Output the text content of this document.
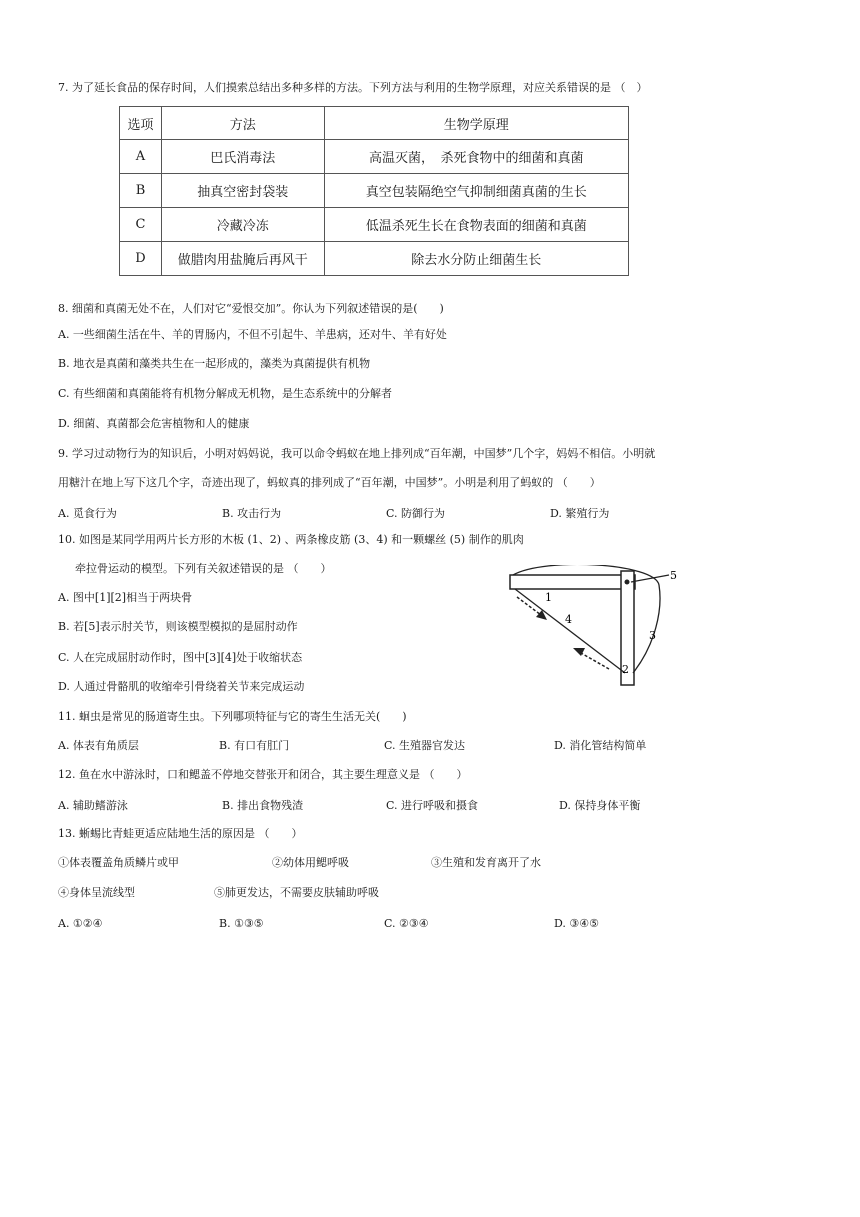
7. 为了延长食品的保存时间，人们摸索总结出多种多样的方法。下列方法与利用的生物学原理，对应关系错误的是 （　）
选项	方法	生物学原理
A	巴氏消毒法	高温灭菌，　杀死食物中的细菌和真菌
B	抽真空密封袋装	真空包装隔绝空气抑制细菌真菌的生长
C	冷藏冷冻	低温杀死生长在食物表面的细菌和真菌
D	做腊肉用盐腌后再风干	除去水分防止细菌生长
8. 细菌和真菌无处不在，人们对它“爱恨交加”。你认为下列叙述错误的是(　　)
A. 一些细菌生活在牛、羊的胃肠内，不但不引起牛、羊患病，还对牛、羊有好处
B. 地衣是真菌和藻类共生在一起形成的，藻类为真菌提供有机物
C. 有些细菌和真菌能将有机物分解成无机物，是生态系统中的分解者
D. 细菌、真菌都会危害植物和人的健康
9. 学习过动物行为的知识后，小明对妈妈说，我可以命令蚂蚁在地上排列成“百年潮，中国梦”几个字，妈妈不相信。小明就
用糖汁在地上写下这几个字，奇迹出现了，蚂蚁真的排列成了“百年潮，中国梦”。小明是利用了蚂蚁的 （　　）
A. 觅食行为	B. 攻击行为	C. 防御行为	D. 繁殖行为
10. 如图是某同学用两片长方形的木板 (1、2) 、两条橡皮筋 (3、4) 和一颗螺丝 (5) 制作的肌肉
牵拉骨运动的模型。下列有关叙述错误的是 （　　）
A. 图中[1][2]相当于两块骨
B. 若[5]表示肘关节，则该模型模拟的是屈肘动作
C. 人在完成屈肘动作时，图中[3][4]处于收缩状态
D. 人通过骨骼肌的收缩牵引骨绕着关节来完成运动
1
2
3
4
5
11. 蛔虫是常见的肠道寄生虫。下列哪项特征与它的寄生生活无关(　　)
A. 体表有角质层	B. 有口有肛门	C. 生殖器官发达	D. 消化管结构简单
12. 鱼在水中游泳时，口和鳃盖不停地交替张开和闭合，其主要生理意义是 （　　）
A. 辅助鳍游泳	B. 排出食物残渣	C. 进行呼吸和摄食	D. 保持身体平衡
13. 蜥蜴比青蛙更适应陆地生活的原因是 （　　）
①体表覆盖角质鳞片或甲	②幼体用鳃呼吸	③生殖和发育离开了水
④身体呈流线型	⑤肺更发达，不需要皮肤辅助呼吸
A. ①②④	B. ①③⑤	C. ②③④	D. ③④⑤
